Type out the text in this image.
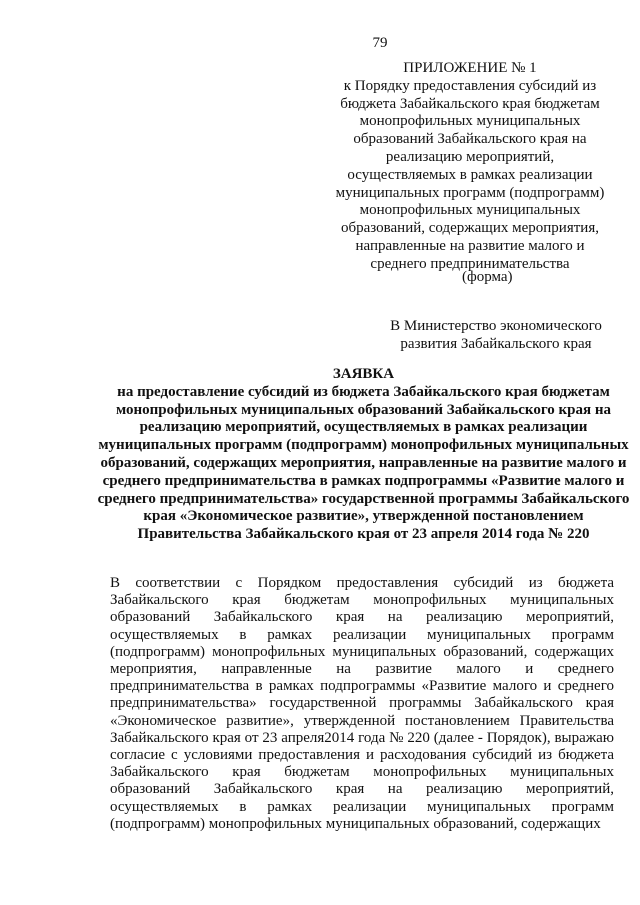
79

ПРИЛОЖЕНИЕ № 1

к Порядку предоставления субсидий из бюджета Забайкальского края бюджетам монопрофильных муниципальных образований Забайкальского края на реализацию мероприятий, осуществляемых в рамках реализации муниципальных программ (подпрограмм) монопрофильных муниципальных образований, содержащих мероприятия, направленные на развитие малого и среднего предпринимательства

(форма)
В Министерство экономического развития Забайкальского края

ЗАЯВКА

на предоставление субсидий из бюджета Забайкальского края бюджетам монопрофильных муниципальных образований Забайкальского края на реализацию мероприятий, осуществляемых в рамках реализации муниципальных программ (подпрограмм) монопрофильных муниципальных образований, содержащих мероприятия, направленные на развитие малого и среднего предпринимательства в рамках подпрограммы «Развитие малого и среднего предпринимательства» государственной программы Забайкальского края «Экономическое развитие», утвержденной постановлением Правительства Забайкальского края от 23 апреля 2014 года № 220

В соответствии с Порядком предоставления субсидий из бюджета Забайкальского края бюджетам монопрофильных муниципальных образований Забайкальского края на реализацию мероприятий, осуществляемых в рамках реализации муниципальных программ (подпрограмм) монопрофильных муниципальных образований, содержащих мероприятия, направленные на развитие малого и среднего предпринимательства в рамках подпрограммы «Развитие малого и среднего предпринимательства» государственной программы Забайкальского края «Экономическое развитие», утвержденной постановлением Правительства Забайкальского края от 23 апреля2014 года № 220 (далее - Порядок), выражаю согласие с условиями предоставления и расходования субсидий из бюджета Забайкальского края бюджетам монопрофильных муниципальных образований Забайкальского края на реализацию мероприятий, осуществляемых в рамках реализации муниципальных программ (подпрограмм) монопрофильных муниципальных образований, содержащих
